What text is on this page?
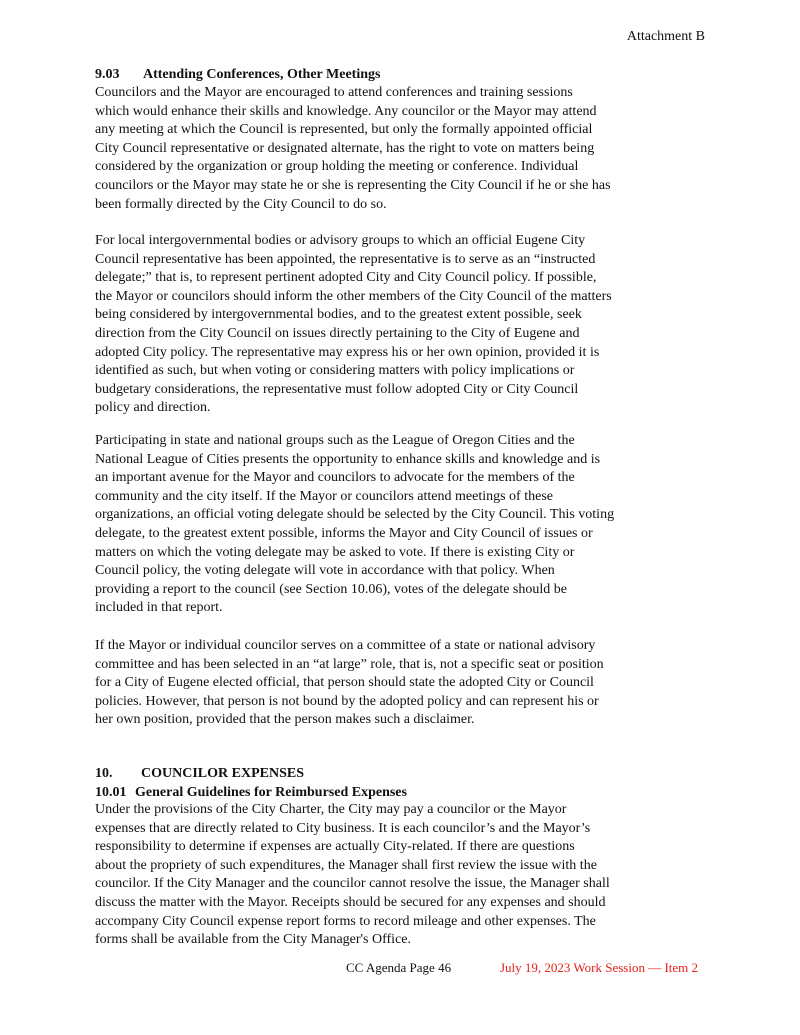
Attachment B
9.03 Attending Conferences, Other Meetings
Councilors and the Mayor are encouraged to attend conferences and training sessions
which would enhance their skills and knowledge. Any councilor or the Mayor may attend
any meeting at which the Council is represented, but only the formally appointed official
City Council representative or designated alternate, has the right to vote on matters being
considered by the organization or group holding the meeting or conference. Individual
councilors or the Mayor may state he or she is representing the City Council if he or she has
been formally directed by the City Council to do so.
For local intergovernmental bodies or advisory groups to which an official Eugene City
Council representative has been appointed, the representative is to serve as an “instructed
delegate;” that is, to represent pertinent adopted City and City Council policy. If possible,
the Mayor or councilors should inform the other members of the City Council of the matters
being considered by intergovernmental bodies, and to the greatest extent possible, seek
direction from the City Council on issues directly pertaining to the City of Eugene and
adopted City policy. The representative may express his or her own opinion, provided it is
identified as such, but when voting or considering matters with policy implications or
budgetary considerations, the representative must follow adopted City or City Council
policy and direction.
Participating in state and national groups such as the League of Oregon Cities and the
National League of Cities presents the opportunity to enhance skills and knowledge and is
an important avenue for the Mayor and councilors to advocate for the members of the
community and the city itself. If the Mayor or councilors attend meetings of these
organizations, an official voting delegate should be selected by the City Council. This voting
delegate, to the greatest extent possible, informs the Mayor and City Council of issues or
matters on which the voting delegate may be asked to vote. If there is existing City or
Council policy, the voting delegate will vote in accordance with that policy. When
providing a report to the council (see Section 10.06), votes of the delegate should be
included in that report.
If the Mayor or individual councilor serves on a committee of a state or national advisory
committee and has been selected in an “at large” role, that is, not a specific seat or position
for a City of Eugene elected official, that person should state the adopted City or Council
policies. However, that person is not bound by the adopted policy and can represent his or
her own position, provided that the person makes such a disclaimer.
10. COUNCILOR EXPENSES
10.01 General Guidelines for Reimbursed Expenses
Under the provisions of the City Charter, the City may pay a councilor or the Mayor
expenses that are directly related to City business. It is each councilor’s and the Mayor’s
responsibility to determine if expenses are actually City-related. If there are questions
about the propriety of such expenditures, the Manager shall first review the issue with the
councilor. If the City Manager and the councilor cannot resolve the issue, the Manager shall
discuss the matter with the Mayor. Receipts should be secured for any expenses and should
accompany City Council expense report forms to record mileage and other expenses. The
forms shall be available from the City Manager's Office.
CC Agenda Page 46	July 19, 2023 Work Session — Item 2
